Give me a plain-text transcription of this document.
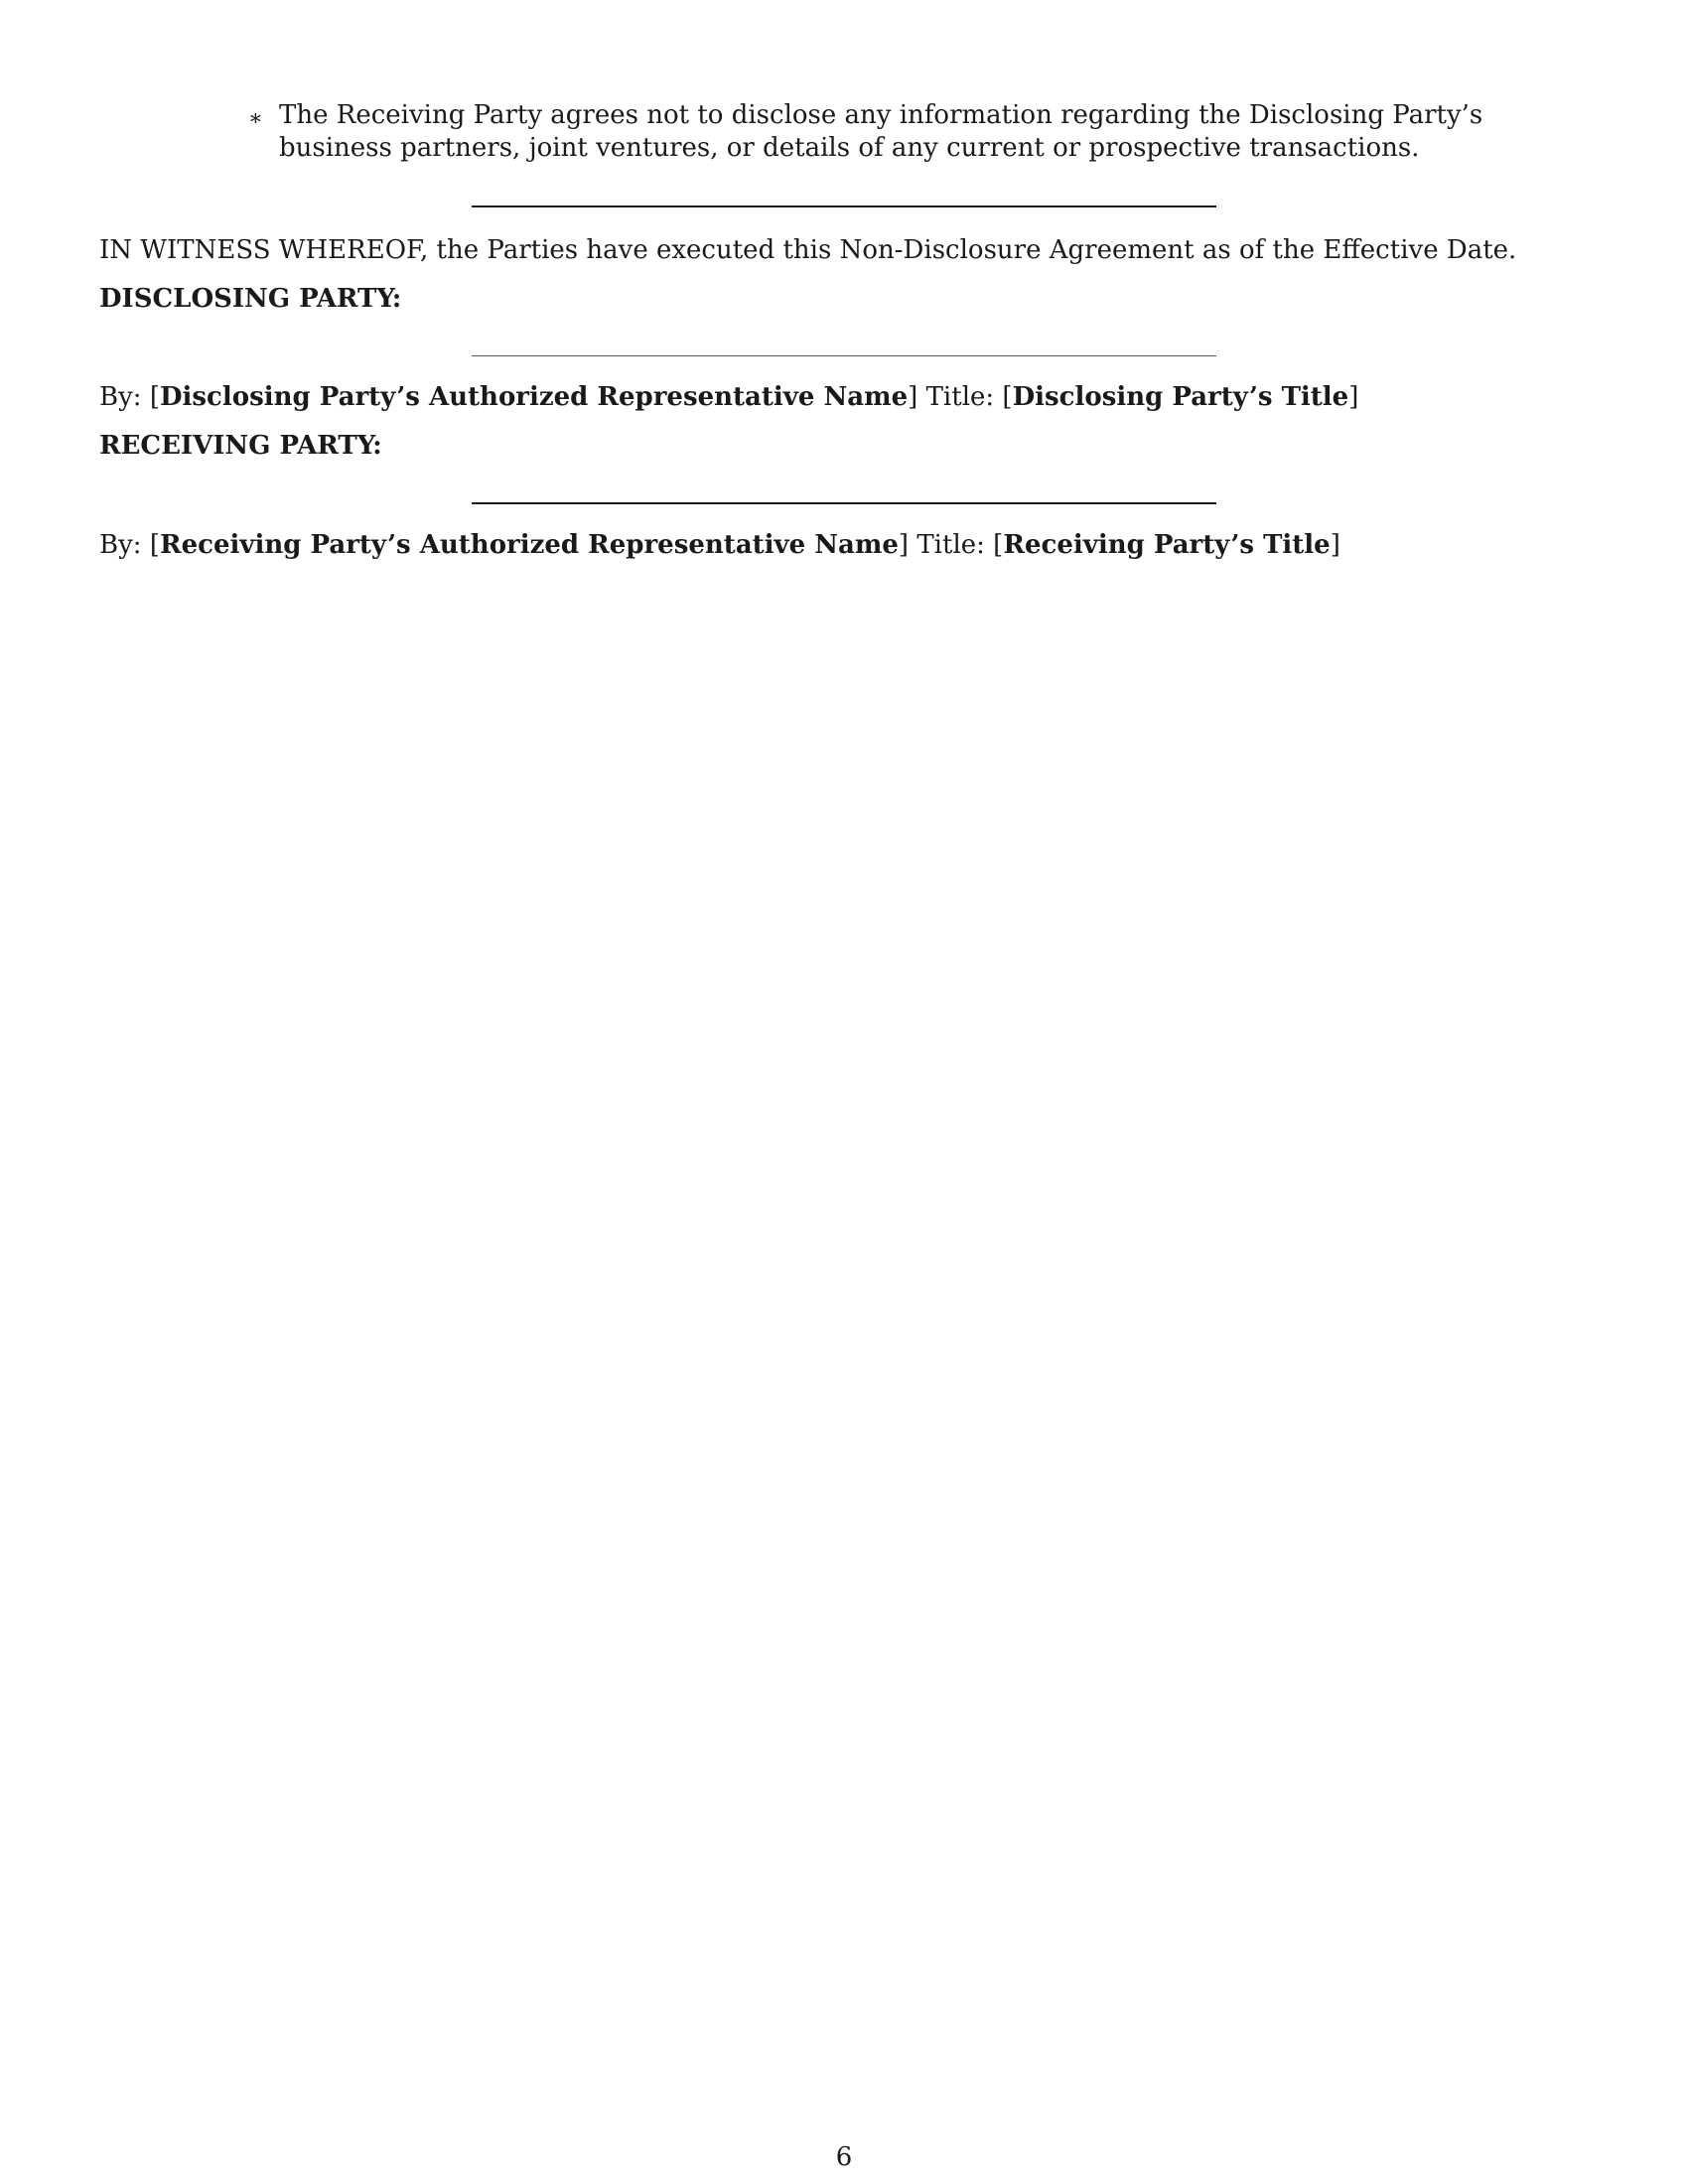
∗ The Receiving Party agrees not to disclose any information regarding the Disclosing Party’s business partners, joint ventures, or details of any current or prospective transactions.
IN WITNESS WHEREOF, the Parties have executed this Non-Disclosure Agreement as of the Effective Date.
DISCLOSING PARTY:
By: [Disclosing Party’s Authorized Representative Name] Title: [Disclosing Party’s Title]
RECEIVING PARTY:
By: [Receiving Party’s Authorized Representative Name] Title: [Receiving Party’s Title]
6
